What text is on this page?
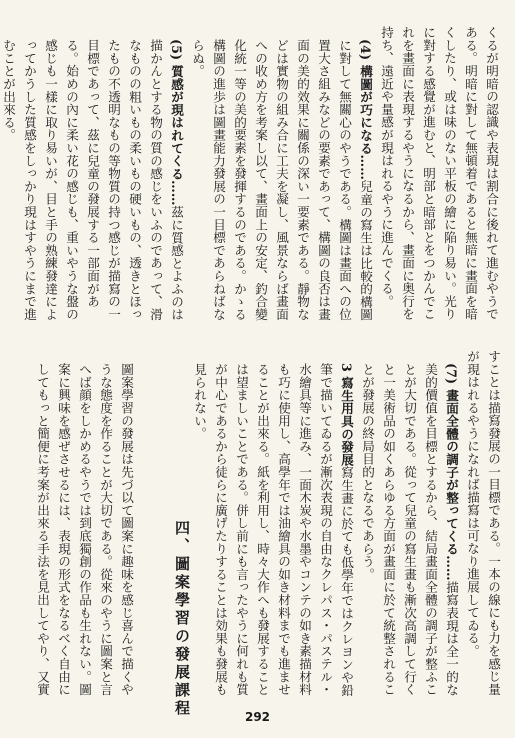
くるが明暗の認識や表現は割合に後れて進むやうである。明暗に對して無頓着であると無暗に畫面を暗くしたり、或は味のない平板の繪に陥り易い。光りに對する感覺が進むと、明部と暗部とをつかんでこれを畫面に表現するやうになるから、畫面に奥行を持ち、遠近や量感が現はれるやうに進んでくる。

(4) 構圖が巧になる……兒童の寫生は比較的構圖に對して無關心のやうである。構圖は畫面への位置大さ組みなどの要素であって、構圖の良否は畫面の美的效果に關係の深い一要素である。靜物などは實物の組み合に工夫を凝し、風景ならば畫面への收め方を考案し以て、畫面上の安定、釣合變化統一等の美的要素を發揮するのである。かゝる構圖の進歩は圖畫能力發展の一目標であらねばならぬ。

(5) 質感が現はれてくる……茲に質感とよふのは描かんとする物の質の感じをいふのであって、滑なものの粗いもの柔いもの硬いもの、透きとほったもの不透明なもの等物質の持つ感じが描寫の一目標であって、茲に兒童の發展する一部面がある。始めの內に柔い花の感じも、重いやうな盤の感じも一樣に取り易いが、目と手の熟練發達によってかうした質感をしっかり現はすやうにまで進むことが出來る。

すことは描寫發展の一目標である。一本の線にも力を感じ量が現はれるやうになれば描寫は可なり進展してゐる。

(7) 畫面全體の調子が整ってくる……描寫表現は全一的な美的價值を目標とするから、結局畫面全體の調子が整ふことが大切である。從って兒童の寫生畫も漸次高調して行くと一美術品の如くあらゆる方面が畫面に於て統整されることが發展の終局目的となるであらう。

3 寫生用具の發展寫生畫に於ても低學年ではクレヨンや鉛筆で描いてゐるが漸次表現の自由なクレパス・パステル・水繪具等に進み、一面木炭や水墨やコンテの如き素描材料も巧に使用し、高學年では油繪具の如き材料までも進ませることが出來る。紙を利用し、時々大作へも發展することは望ましいことである。併し前にも言ったやうに何れも質が中心であるから徒らに廣げたりすることは効果も發展も見られない。

圖案學習の發展は先づ以て圖案に趣味を感じ喜んで描くやうな態度を作ることが大切である。從來のやうに圖案と言へば顔をしかめるやうでは到底獨創の作品も生れない。圖案に興味を感ぜさせるには、表現の形式をなるべく自由にしてもっと簡便に考案が出來る手法を見出してやり、又實	四、圖案學習の發展課程	292
